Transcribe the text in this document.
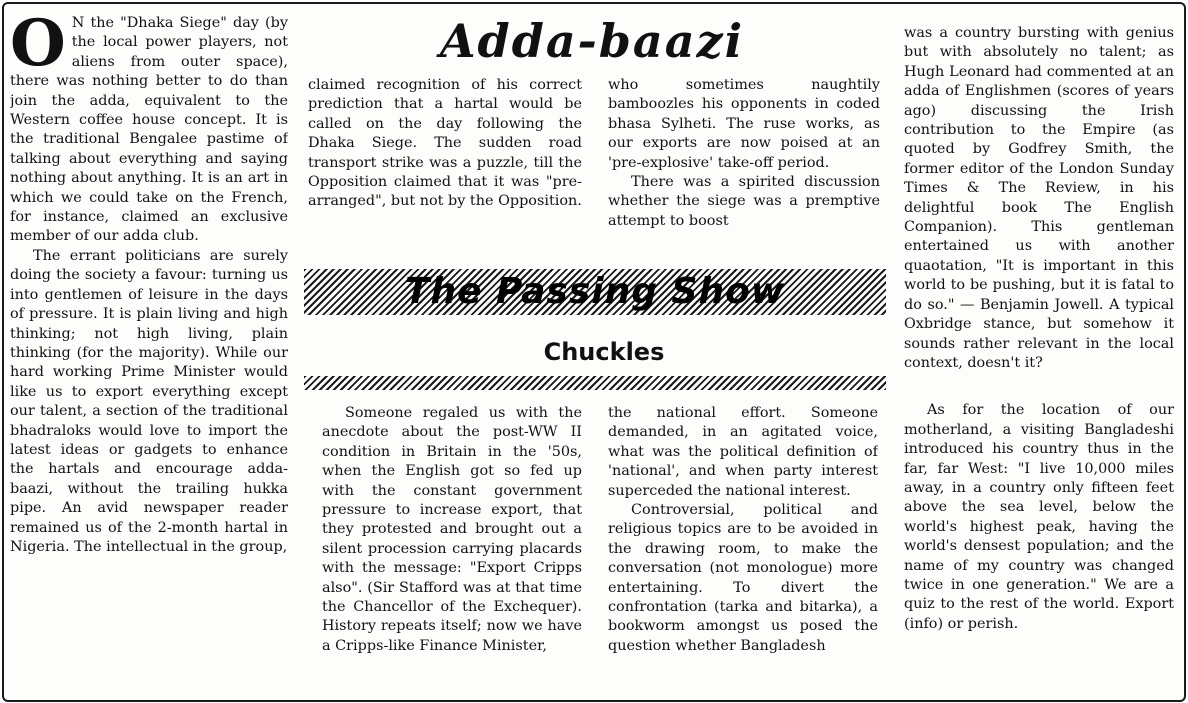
Adda-baazi

O N the "Dhaka Siege" day (by the local power players, not aliens from outer space), there was nothing better to do than join the adda, equivalent to the Western coffee house concept. It is the traditional Bengalee pastime of talking about everything and saying nothing about anything. It is an art in which we could take on the French, for instance, claimed an exclusive member of our adda club.

The errant politicians are surely doing the society a favour: turning us into gentlemen of leisure in the days of pressure. It is plain living and high thinking; not high living, plain thinking (for the majority). While our hard working Prime Minister would like us to export everything except our talent, a section of the traditional bhadraloks would love to import the latest ideas or gadgets to enhance the hartals and encourage adda-baazi, without the trailing hukka pipe. An avid newspaper reader remained us of the 2-month hartal in Nigeria. The intellectual in the group,

claimed recognition of his correct prediction that a hartal would be called on the day following the Dhaka Siege. The sudden road transport strike was a puzzle, till the Opposition claimed that it was "pre-arranged", but not by the Opposition.

who sometimes naughtily bamboozles his opponents in coded bhasa Sylheti. The ruse works, as our exports are now poised at an 'pre-explosive' take-off period.

There was a spirited discussion whether the siege was a premptive attempt to boost

The Passing Show
Chuckles

Someone regaled us with the anecdote about the post-WW II condition in Britain in the '50s, when the English got so fed up with the constant government pressure to increase export, that they protested and brought out a silent procession carrying placards with the message: "Export Cripps also". (Sir Stafford was at that time the Chancellor of the Exchequer). History repeats itself; now we have a Cripps-like Finance Minister,

the national effort. Someone demanded, in an agitated voice, what was the political definition of 'national', and when party interest superceded the national interest.

Controversial, political and religious topics are to be avoided in the drawing room, to make the conversation (not monologue) more entertaining. To divert the confrontation (tarka and bitarka), a bookworm amongst us posed the question whether Bangladesh

was a country bursting with genius but with absolutely no talent; as Hugh Leonard had commented at an adda of Englishmen (scores of years ago) discussing the Irish contribution to the Empire (as quoted by Godfrey Smith, the former editor of the London Sunday Times & The Review, in his delightful book The English Companion). This gentleman entertained us with another quaotation, "It is important in this world to be pushing, but it is fatal to do so." — Benjamin Jowell. A typical Oxbridge stance, but somehow it sounds rather relevant in the local context, doesn't it?

As for the location of our motherland, a visiting Bangladeshi introduced his country thus in the far, far West: "I live 10,000 miles away, in a country only fifteen feet above the sea level, below the world's highest peak, having the world's densest population; and the name of my country was changed twice in one generation." We are a quiz to the rest of the world. Export (info) or perish.
